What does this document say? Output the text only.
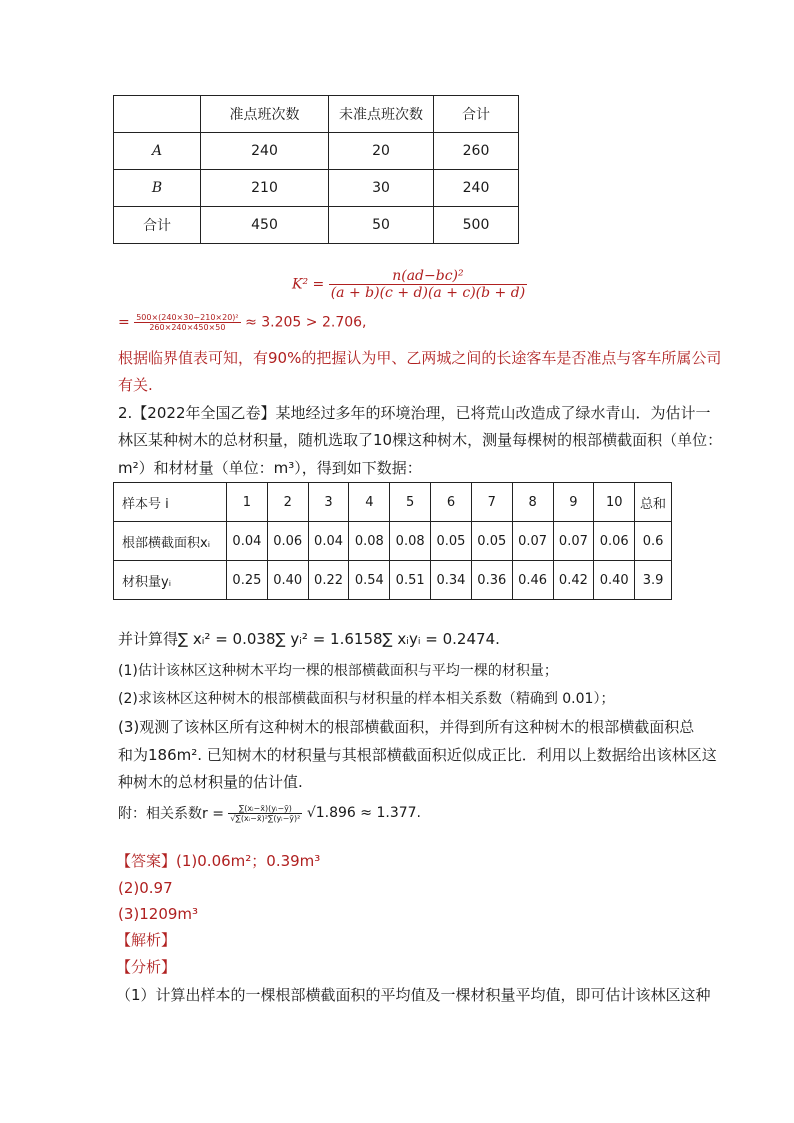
	准点班次数	未准点班次数	合计
A	240	20	260
B	210	30	240
合计	450	50	500
$K^2 = \frac{\text{n(ad−bc)²}}{(a + b)(c + d)(a + c)(b + d)}$
= $\frac{\text{500×(240×30−210×20)²}}{260\times 240\times 450\times 50} \approx 3.205 > 2.706$,
根据临界值表可知，有90%的把握认为甲、乙两城之间的长途客车是否准点与客车所属公司
有关.
2.【2022年全国乙卷】某地经过多年的环境治理，已将荒山改造成了绿水青山．为估计一
林区某种树木的总材积量，随机选取了10棵这种树木，测量每棵树的根部横截面积（单位：
m²）和材材量（单位：m³），得到如下数据：
样本号 i	1	2	3	4	5	6	7	8	9	10	总和
根部横截面积xᵢ	0.04	0.06	0.04	0.08	0.08	0.05	0.05	0.07	0.07	0.06	0.6
材积量yᵢ	0.25	0.40	0.22	0.54	0.51	0.34	0.36	0.46	0.42	0.40	3.9
并计算得∑ xᵢ² = 0.038∑ yᵢ² = 1.6158∑ xᵢyᵢ = 0.2474.
(1)估计该林区这种树木平均一棵的根部横截面积与平均一棵的材积量；
(2)求该林区这种树木的根部横截面积与材积量的样本相关系数（精确到 0.01）；
(3)观测了该林区所有这种树木的根部横截面积，并得到所有这种树木的根部横截面积总
和为186m². 已知树木的材积量与其根部横截面积近似成正比．利用以上数据给出该林区这
种树木的总材积量的估计值.
附：相关系数$r = \frac{\text{∑(xᵢ−x̄)(yᵢ−ȳ)}}{\text{√∑(xᵢ−x̄)²∑(yᵢ−ȳ)²}} √1.896 \approx 1.377$.
【答案】(1)0.06m²；0.39m³
(2)0.97
(3)1209m³
【解析】
【分析】
（1）计算出样本的一棵根部横截面积的平均值及一棵材积量平均值，即可估计该林区这种
